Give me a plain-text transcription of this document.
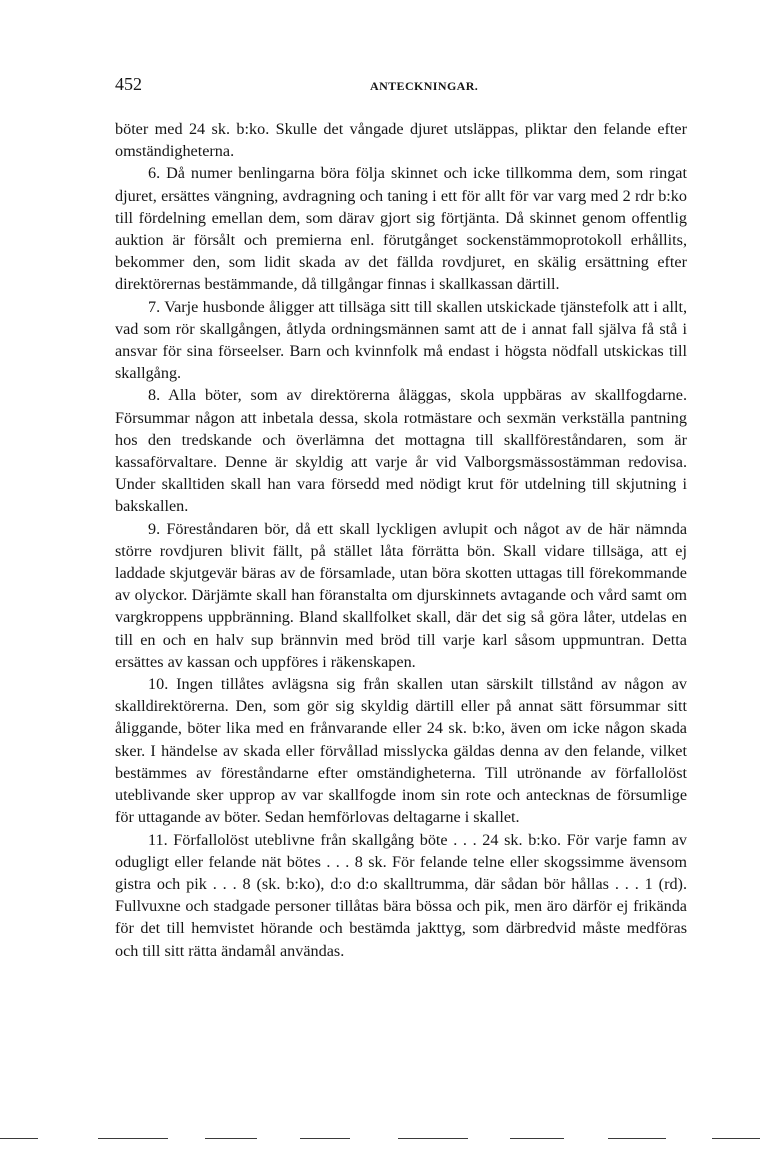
452	ANTECKNINGAR.

böter med 24 sk. b:ko. Skulle det vångade djuret utsläppas, pliktar den felande efter omständigheterna.

6. Då numer benlingarna böra följa skinnet och icke tillkomma dem, som ringat djuret, ersättes vängning, avdragning och taning i ett för allt för var varg med 2 rdr b:ko till fördelning emellan dem, som därav gjort sig förtjänta. Då skinnet genom offentlig auktion är försålt och premierna enl. förutgånget sockenstämmoprotokoll erhållits, bekommer den, som lidit skada av det fällda rovdjuret, en skälig ersättning efter direktörernas bestämmande, då tillgångar finnas i skallkassan därtill.

7. Varje husbonde åligger att tillsäga sitt till skallen utskickade tjänstefolk att i allt, vad som rör skallgången, åtlyda ordningsmännen samt att de i annat fall själva få stå i ansvar för sina förseelser. Barn och kvinnfolk må endast i högsta nödfall utskickas till skallgång.

8. Alla böter, som av direktörerna åläggas, skola uppbäras av skallfogdarne. Försummar någon att inbetala dessa, skola rotmästare och sexmän verkställa pantning hos den tredskande och överlämna det mottagna till skallföreståndaren, som är kassaförvaltare. Denne är skyldig att varje år vid Valborgsmässostämman redovisa. Under skalltiden skall han vara försedd med nödigt krut för utdelning till skjutning i bakskallen.

9. Föreståndaren bör, då ett skall lyckligen avlupit och något av de här nämnda större rovdjuren blivit fällt, på stället låta förrätta bön. Skall vidare tillsäga, att ej laddade skjutgevär bäras av de församlade, utan böra skotten uttagas till förekommande av olyckor. Därjämte skall han föranstalta om djurskinnets avtagande och vård samt om vargkroppens uppbränning. Bland skallfolket skall, där det sig så göra låter, utdelas en till en och en halv sup brännvin med bröd till varje karl såsom uppmuntran. Detta ersättes av kassan och uppföres i räkenskapen.

10. Ingen tillåtes avlägsna sig från skallen utan särskilt tillstånd av någon av skalldirektörerna. Den, som gör sig skyldig därtill eller på annat sätt försummar sitt åliggande, böter lika med en frånvarande eller 24 sk. b:ko, även om icke någon skada sker. I händelse av skada eller förvållad misslycka gäldas denna av den felande, vilket bestämmes av föreståndarne efter omständigheterna. Till utrönande av förfallolöst uteblivande sker upprop av var skallfogde inom sin rote och antecknas de försumlige för uttagande av böter. Sedan hemförlovas deltagarne i skallet.

11. Förfallolöst uteblivne från skallgång böte . . . 24 sk. b:ko. För varje famn av odugligt eller felande nät bötes . . . 8 sk. För felande telne eller skogssimme ävensom gistra och pik . . . 8 (sk. b:ko), d:o d:o skalltrumma, där sådan bör hållas . . . 1 (rd). Fullvuxne och stadgade personer tillåtas bära bössa och pik, men äro därför ej frikända för det till hemvistet hörande och bestämda jakttyg, som därbredvid måste medföras och till sitt rätta ändamål användas.
